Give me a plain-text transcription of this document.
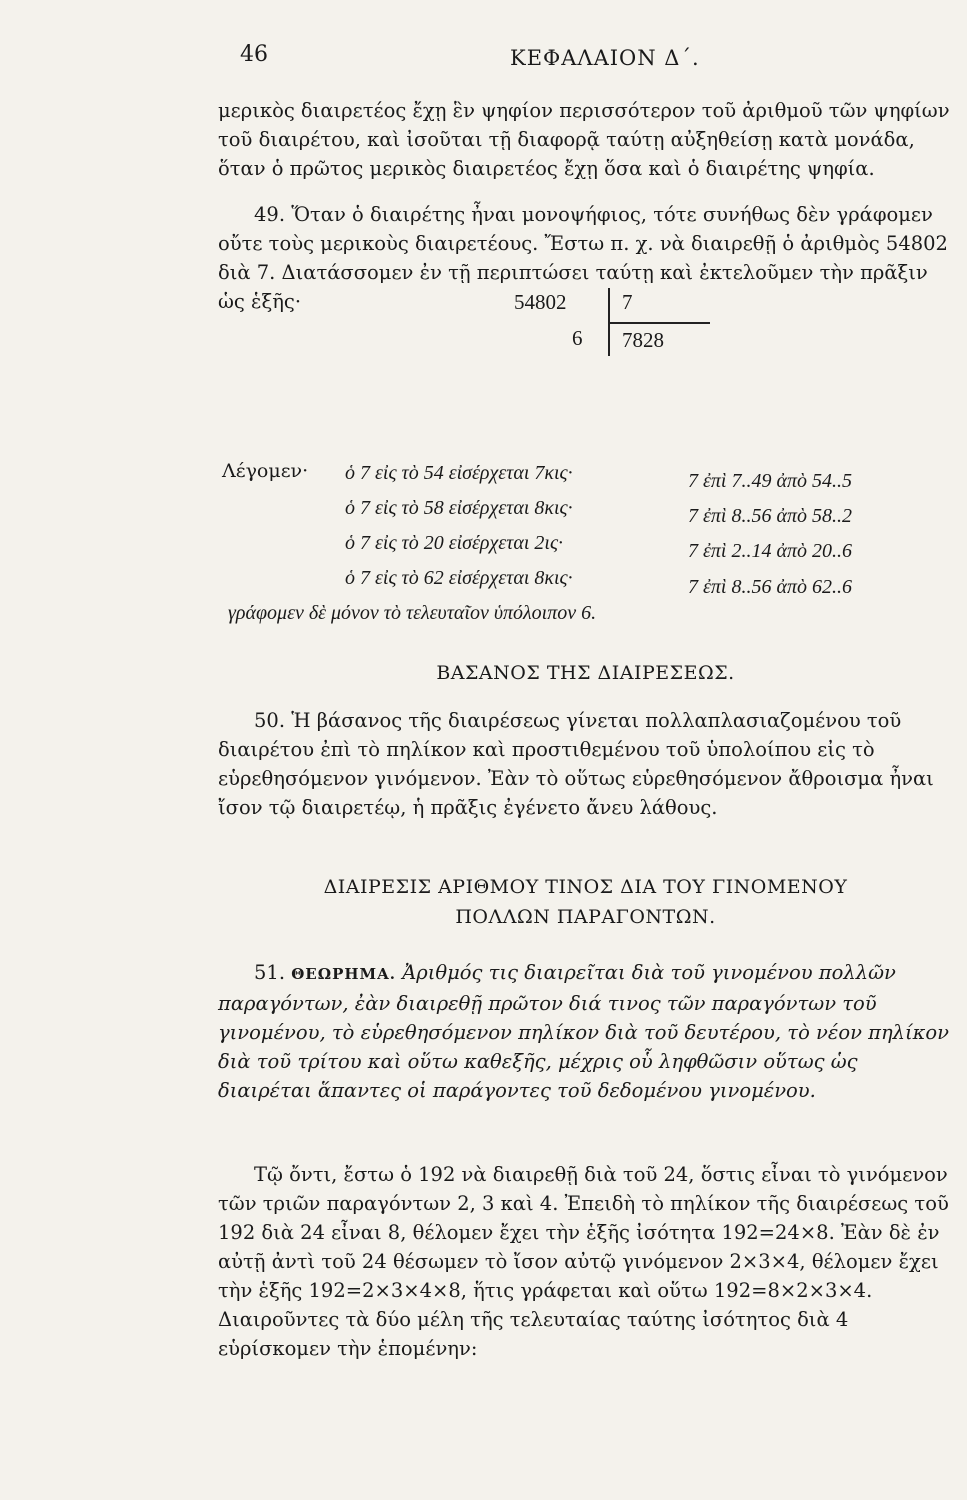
46	ΚΕΦΑΛΑΙΟΝ Δ΄.
μερικὸς διαιρετέος ἔχῃ ἓν ψηφίον περισσότερον τοῦ ἀριθμοῦ τῶν ψηφίων τοῦ διαιρέτου, καὶ ἰσοῦται τῇ διαφορᾷ ταύτῃ αὐξηθείσῃ κατὰ μονάδα, ὅταν ὁ πρῶτος μερικὸς διαιρετέος ἔχῃ ὅσα καὶ ὁ διαιρέτης ψηφία.
49. Ὅταν ὁ διαιρέτης ἦναι μονοψήφιος, τότε συνήθως δὲν γράφομεν οὔτε τοὺς μερικοὺς διαιρετέους. Ἔστω π. χ. νὰ διαιρεθῇ ὁ ἀριθμὸς 54802 διὰ 7. Διατάσσομεν ἐν τῇ περιπτώσει ταύτῃ καὶ ἐκτελοῦμεν τὴν πρᾶξιν ὡς ἑξῆς·	54802	7
6 7828
Λέγομεν· ὁ 7 εἰς τὸ 54 εἰσέρχεται 7κις·	7 ἐπὶ 7..49 ἀπὸ 54..5
ὁ 7 εἰς τὸ 58 εἰσέρχεται 8κις·	7 ἐπὶ 8..56 ἀπὸ 58..2
ὁ 7 εἰς τὸ 20 εἰσέρχεται 2ις·	7 ἐπὶ 2..14 ἀπὸ 20..6
ὁ 7 εἰς τὸ 62 εἰσέρχεται 8κις·	7 ἐπὶ 8..56 ἀπὸ 62..6
γράφομεν δὲ μόνον τὸ τελευταῖον ὑπόλοιπον 6.
ΒΑΣΑΝΟΣ ΤΗΣ ΔΙΑΙΡΕΣΕΩΣ.
50. Ἡ βάσανος τῆς διαιρέσεως γίνεται πολλαπλασιαζομένου τοῦ διαιρέτου ἐπὶ τὸ πηλίκον καὶ προστιθεμένου τοῦ ὑπολοίπου εἰς τὸ εὑρεθησόμενον γινόμενον. Ἐὰν τὸ οὕτως εὑρεθησόμενον ἄθροισμα ἦναι ἴσον τῷ διαιρετέῳ, ἡ πρᾶξις ἐγένετο ἄνευ λάθους.
ΔΙΑΙΡΕΣΙΣ ΑΡΙΘΜΟΥ ΤΙΝΟΣ ΔΙΑ ΤΟΥ ΓΙΝΟΜΕΝΟΥ
ΠΟΛΛΩΝ ΠΑΡΑΓΟΝΤΩΝ.
51. ΘΕΩΡΗΜΑ. Ἀριθμός τις διαιρεῖται διὰ τοῦ γινομένου πολλῶν παραγόντων, ἐὰν διαιρεθῇ πρῶτον διά τινος τῶν παραγόντων τοῦ γινομένου, τὸ εὑρεθησόμενον πηλίκον διὰ τοῦ δευτέρου, τὸ νέον πηλίκον διὰ τοῦ τρίτου καὶ οὕτω καθεξῆς, μέχρις οὗ ληφθῶσιν οὕτως ὡς διαιρέται ἅπαντες οἱ παράγοντες τοῦ δεδομένου γινομένου.
Τῷ ὄντι, ἔστω ὁ 192 νὰ διαιρεθῇ διὰ τοῦ 24, ὅστις εἶναι τὸ γινόμενον τῶν τριῶν παραγόντων 2, 3 καὶ 4. Ἐπειδὴ τὸ πηλίκον τῆς διαιρέσεως τοῦ 192 διὰ 24 εἶναι 8, θέλομεν ἔχει τὴν ἑξῆς ἰσότητα 192=24×8. Ἐὰν δὲ ἐν αὐτῇ ἀντὶ τοῦ 24 θέσωμεν τὸ ἴσον αὐτῷ γινόμενον 2×3×4, θέλομεν ἔχει τὴν ἑξῆς 192=2×3×4×8, ἥτις γράφεται καὶ οὕτω 192=8×2×3×4. Διαιροῦντες τὰ δύο μέλη τῆς τελευταίας ταύτης ἰσότητος διὰ 4 εὑρίσκομεν τὴν ἑπομένην:
